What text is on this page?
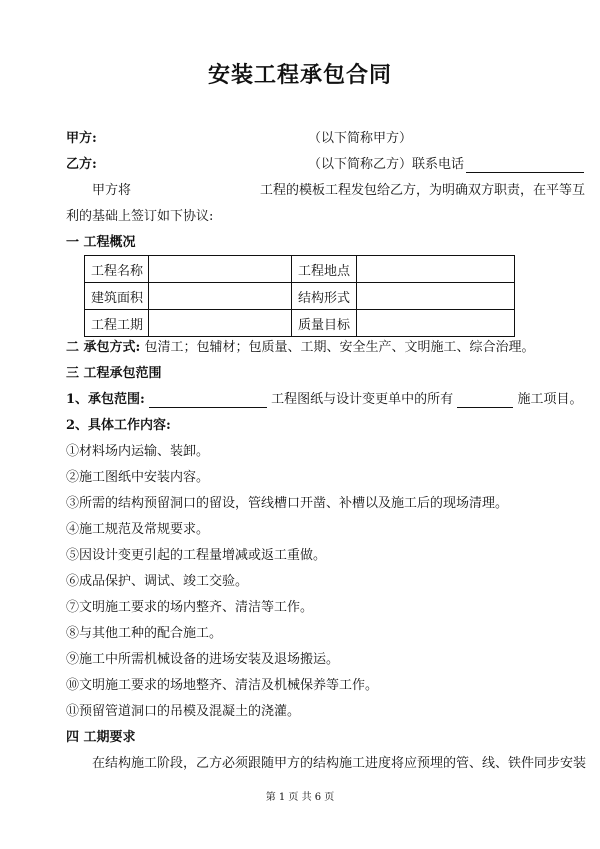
安装工程承包合同
甲方:	（以下简称甲方）
乙方:	（以下简称乙方）联系电话
甲方将	工程的模板工程发包给乙方，为明确双方职责，在平等互
利的基础上签订如下协议:
一 工程概况
工程名称		工程地点	
建筑面积		结构形式	
工程工期		质量目标	
二 承包方式: 包清工；包辅材；包质量、工期、安全生产、文明施工、综合治理。
三 工程承包范围
1、承包范围:	工程图纸与设计变更单中的所有	施工项目。
2、具体工作内容:
①材料场内运输、装卸。
②施工图纸中安装内容。
③所需的结构预留洞口的留设，管线槽口开凿、补槽以及施工后的现场清理。
④施工规范及常规要求。
⑤因设计变更引起的工程量增减或返工重做。
⑥成品保护、调试、竣工交验。
⑦文明施工要求的场内整齐、清洁等工作。
⑧与其他工种的配合施工。
⑨施工中所需机械设备的进场安装及退场搬运。
⑩文明施工要求的场地整齐、清洁及机械保养等工作。
⑪预留管道洞口的吊模及混凝土的浇灌。
四 工期要求
在结构施工阶段，乙方必须跟随甲方的结构施工进度将应预埋的管、线、铁件同步安装
第 1 页 共 6 页
